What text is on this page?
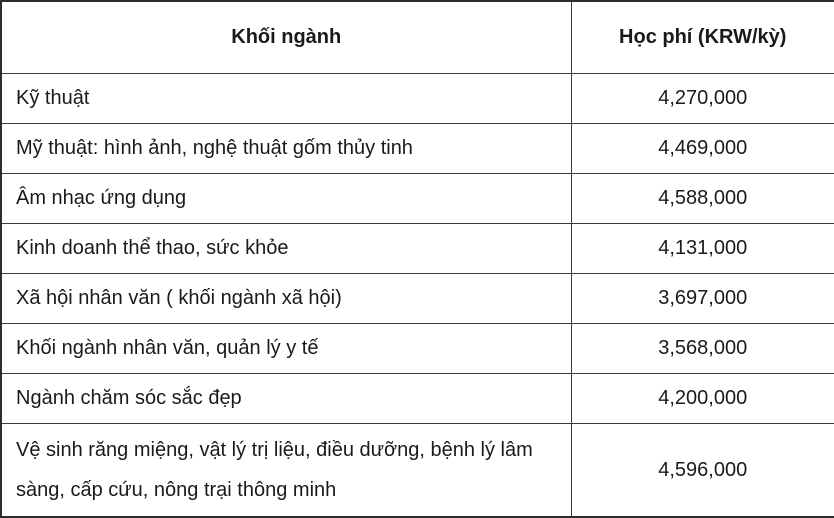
Khối ngành	Học phí (KRW/kỳ)
Kỹ thuật	4,270,000
Mỹ thuật: hình ảnh, nghệ thuật gốm thủy tinh	4,469,000
Âm nhạc ứng dụng	4,588,000
Kinh doanh thể thao, sức khỏe	4,131,000
Xã hội nhân văn ( khối ngành xã hội)	3,697,000
Khối ngành nhân văn, quản lý y tế	3,568,000
Ngành chăm sóc sắc đẹp	4,200,000
Vệ sinh răng miệng, vật lý trị liệu, điều dưỡng, bệnh lý lâm sàng, cấp cứu, nông trại thông minh	4,596,000
